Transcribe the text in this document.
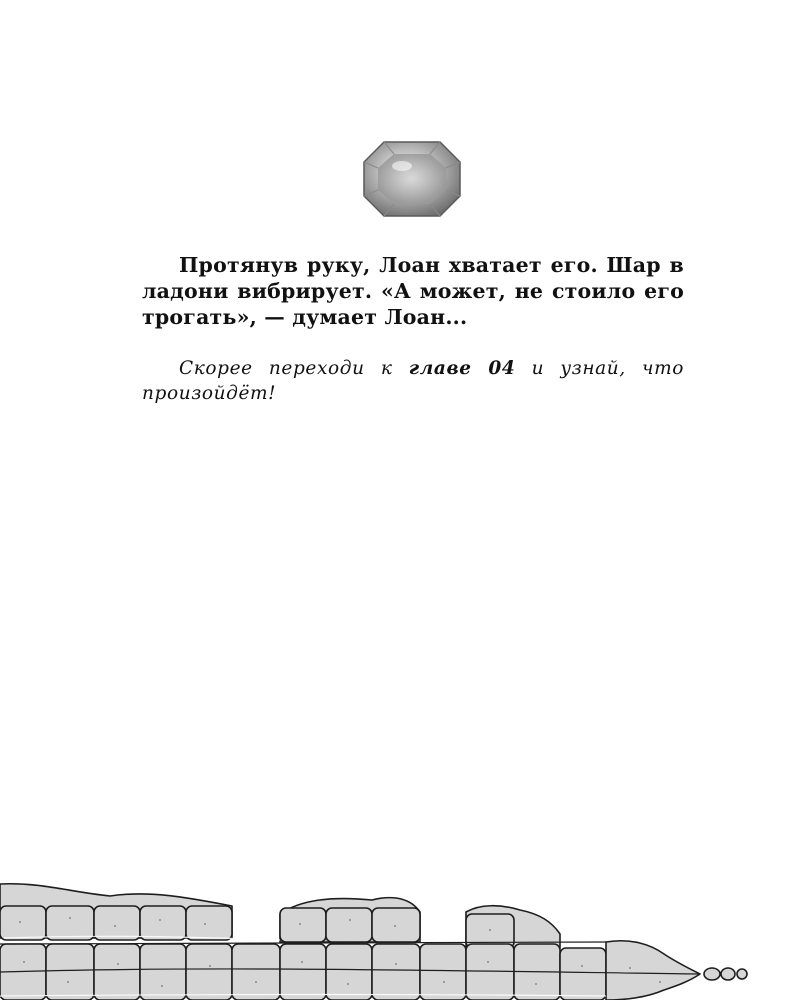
Протянув руку, Лоан хватает его. Шар в ладони вибрирует. «А может, не стоило его трогать», — думает Лоан...

Скорее переходи к главе 04 и узнай, что произойдёт!
